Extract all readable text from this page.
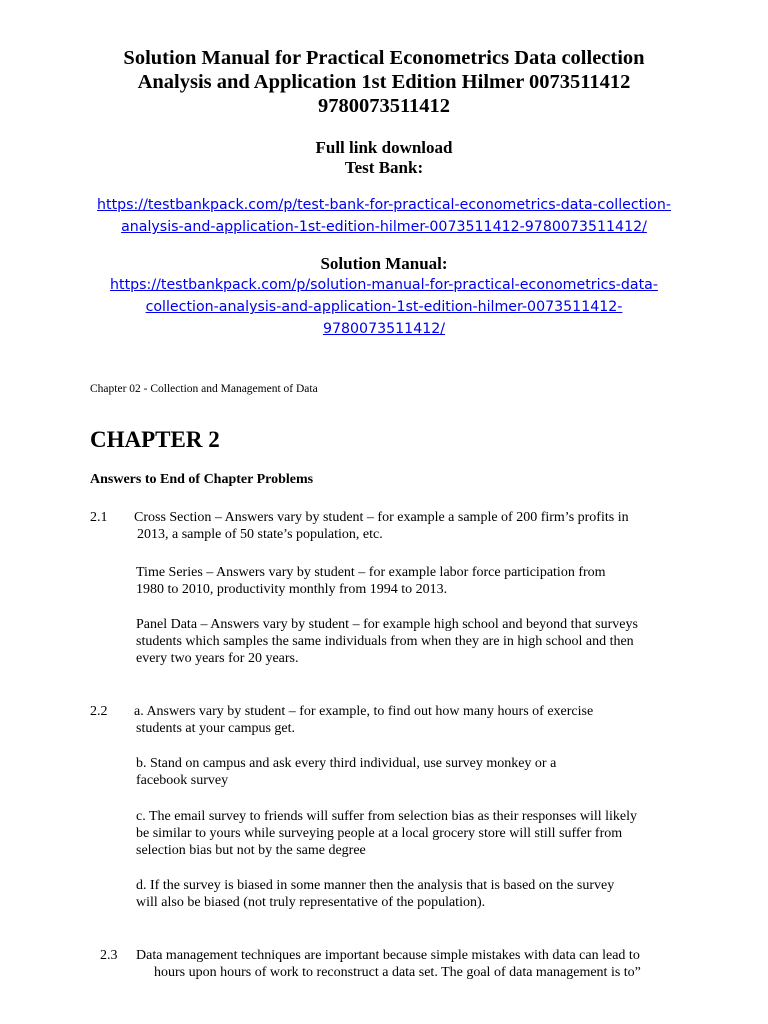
Solution Manual for Practical Econometrics Data collection
Analysis and Application 1st Edition Hilmer 0073511412
9780073511412
Full link download
Test Bank:
https://testbankpack.com/p/test-bank-for-practical-econometrics-data-collection-
analysis-and-application-1st-edition-hilmer-0073511412-9780073511412/
Solution Manual:
https://testbankpack.com/p/solution-manual-for-practical-econometrics-data-
collection-analysis-and-application-1st-edition-hilmer-0073511412-
9780073511412/
Chapter 02 - Collection and Management of Data
CHAPTER 2
Answers to End of Chapter Problems
2.1 Cross Section – Answers vary by student – for example a sample of 200 firm’s profits in
2013, a sample of 50 state’s population, etc.
Time Series – Answers vary by student – for example labor force participation from
1980 to 2010, productivity monthly from 1994 to 2013.
Panel Data – Answers vary by student – for example high school and beyond that surveys
students which samples the same individuals from when they are in high school and then
every two years for 20 years.
2.2 a. Answers vary by student – for example, to find out how many hours of exercise
students at your campus get.
b. Stand on campus and ask every third individual, use survey monkey or a
facebook survey
c. The email survey to friends will suffer from selection bias as their responses will likely
be similar to yours while surveying people at a local grocery store will still suffer from
selection bias but not by the same degree
d. If the survey is biased in some manner then the analysis that is based on the survey
will also be biased (not truly representative of the population).
2.3 Data management techniques are important because simple mistakes with data can lead to
hours upon hours of work to reconstruct a data set. The goal of data management is to”
